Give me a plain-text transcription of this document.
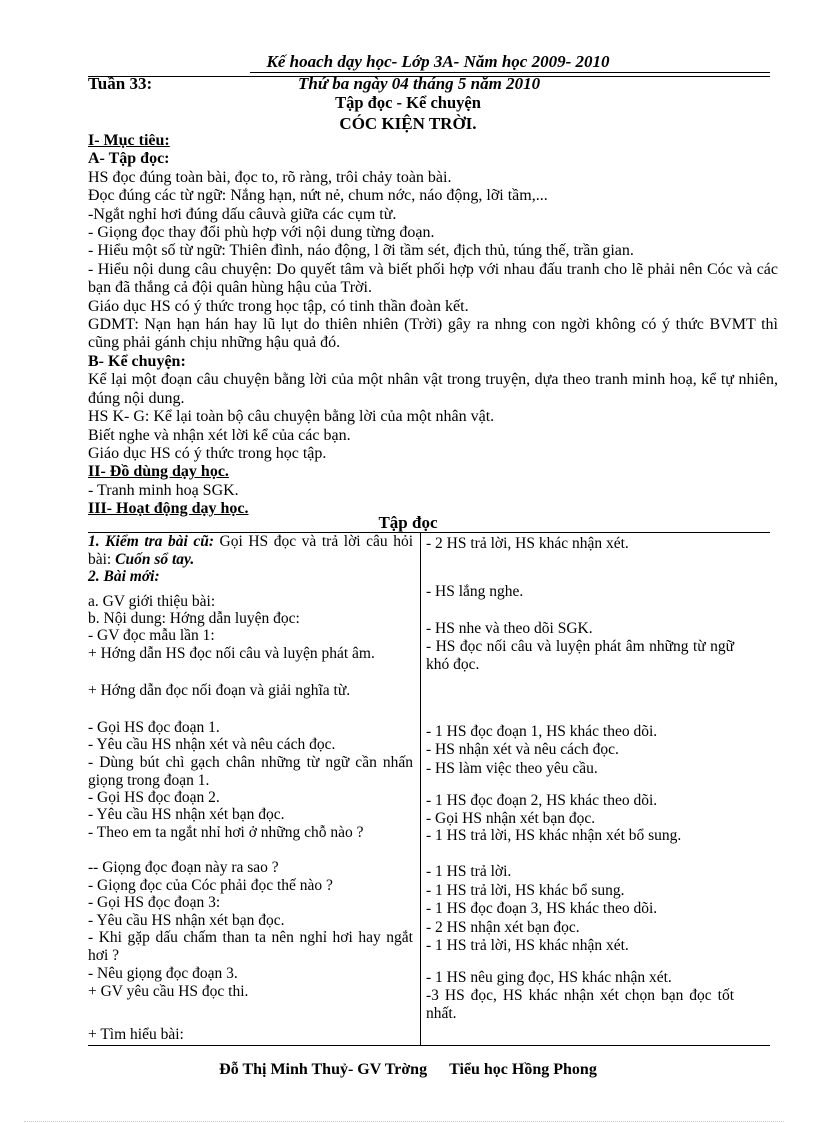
Kế hoach dạy học- Lớp 3A- Năm học 2009- 2010
Tuần 33:	Thứ ba ngày 04 tháng 5 năm 2010
Tập đọc - Kể chuyện
CÓC KIỆN TRỜI.
I- Mục tiêu:
A- Tập đọc:
HS đọc đúng toàn bài, đọc to, rõ ràng, trôi chảy toàn bài.
Đọc đúng các từ ngữ: Nắng hạn, nứt nẻ, chum nớc, náo động, lỡi tầm,...
-Ngắt nghỉ hơi đúng dấu câuvà giữa các cụm từ.
- Giọng đọc thay đổi phù hợp với nội dung từng đoạn.
- Hiểu một số từ ngữ: Thiên đình, náo động, l ỡi tầm sét, địch thủ, túng thế, trần gian.
- Hiểu nội dung câu chuyện: Do quyết tâm và biết phối hợp với nhau đấu tranh cho lẽ phải nên Cóc và các bạn đã thắng cả đội quân hùng hậu của Trời.
Giáo dục HS có ý thức trong học tập, có tinh thần đoàn kết.
GDMT: Nạn hạn hán hay lũ lụt do thiên nhiên (Trời) gây ra nhng con ngời không có ý thức BVMT thì cũng phải gánh chịu những hậu quả đó.
B- Kể chuyện:
Kể lại một đoạn câu chuyện bằng lời của một nhân vật trong truyện, dựa theo tranh minh hoạ, kể tự nhiên, đúng nội dung.
HS K- G: Kể lại toàn bộ câu chuyện bằng lời của một nhân vật.
Biết nghe và nhận xét lời kể của các bạn.
Giáo dục HS có ý thức trong học tập.
II- Đồ dùng dạy học.
- Tranh minh hoạ SGK.
III- Hoạt động dạy học.
Tập đọc
1. Kiểm tra bài cũ: Gọi HS đọc và trả lời câu hỏi bài: Cuốn sổ tay.
2. Bài mới:
a. GV giới thiệu bài:
b. Nội dung: Hớng dẫn luyện đọc:
- GV đọc mẫu lần 1:
+ Hớng dẫn HS đọc nối câu và luyện phát âm.
+ Hớng dẫn đọc nối đoạn và giải nghĩa từ.
- Gọi HS đọc đoạn 1.
- Yêu cầu HS nhận xét và nêu cách đọc.
- Dùng bút chì gạch chân những từ ngữ cần nhấn giọng trong đoạn 1.
- Gọi HS đọc đoạn 2.
- Yêu cầu HS nhận xét bạn đọc.
- Theo em ta ngắt nhỉ hơi ở những chỗ nào ?
-- Giọng đọc đoạn này ra sao ?
- Giọng đọc của Cóc phải đọc thế nào ?
- Gọi HS đọc đoạn 3:
- Yêu cầu HS nhận xét bạn đọc.
- Khi gặp dấu chấm than ta nên nghỉ hơi hay ngắt hơi ?
- Nêu giọng đọc đoạn 3.
+ GV yêu cầu HS đọc thi.
+ Tìm hiểu bài:
- 2 HS trả lời, HS khác nhận xét.
- HS lắng nghe.
- HS nhe và theo dõi SGK.
- HS đọc nối câu và luyện phát âm những từ ngữ khó đọc.
- 1 HS đọc đoạn 1, HS khác theo dõi.
- HS nhận xét và nêu cách đọc.
- HS làm việc theo yêu cầu.
- 1 HS đọc đoạn 2, HS khác theo dõi.
- Gọi HS nhận xét bạn đọc.
- 1 HS trả lời, HS khác nhận xét bổ sung.
- 1 HS trả lời.
- 1 HS trả lời, HS khác bổ sung.
- 1 HS đọc đoạn 3, HS khác theo dõi.
- 2 HS nhận xét bạn đọc.
- 1 HS trả lời, HS khác nhận xét.
- 1 HS nêu ging đọc, HS khác nhận xét.
-3 HS đọc, HS khác nhận xét chọn bạn đọc tốt nhất.
Đỗ Thị Minh Thuỷ- GV Trờng Tiểu học Hồng Phong
